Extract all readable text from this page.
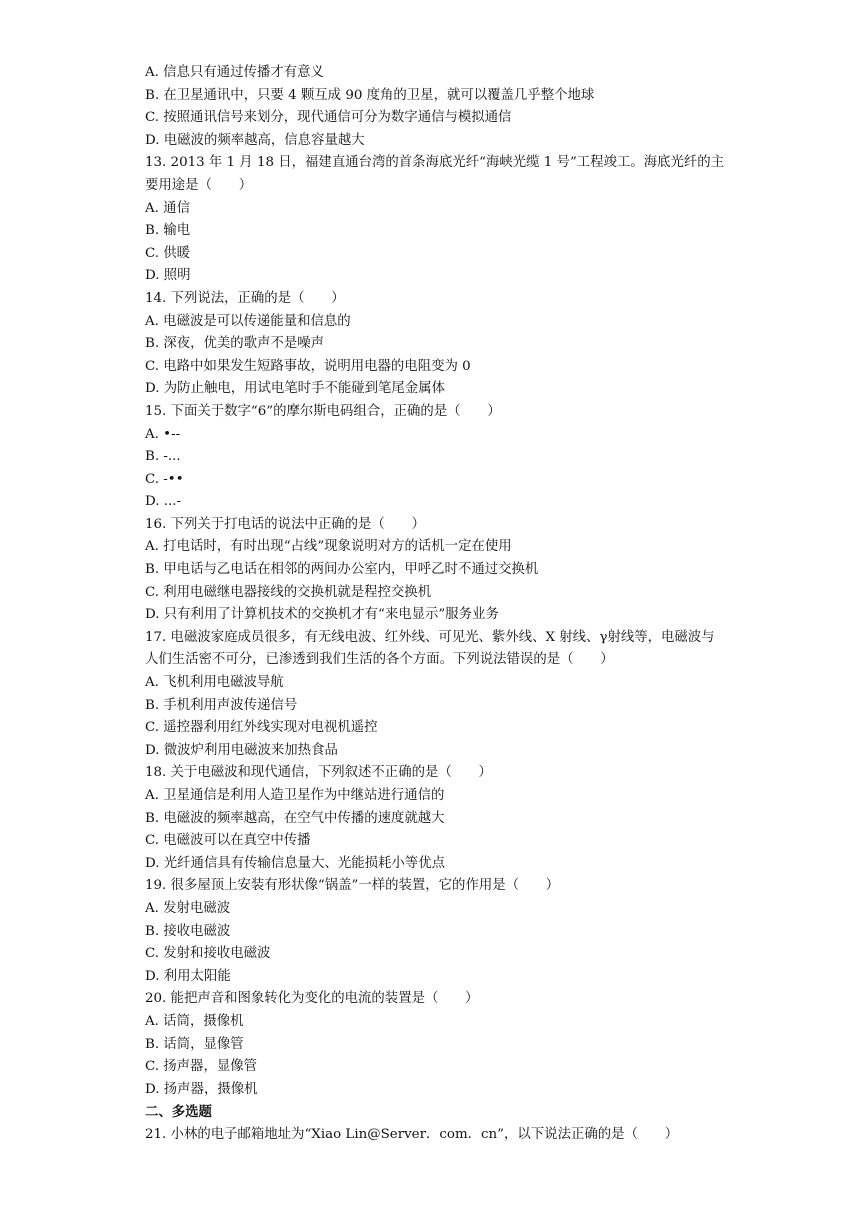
A. 信息只有通过传播才有意义
B. 在卫星通讯中，只要 4 颗互成 90 度角的卫星，就可以覆盖几乎整个地球
C. 按照通讯信号来划分，现代通信可分为数字通信与模拟通信
D. 电磁波的频率越高，信息容量越大
13. 2013 年 1 月 18 日，福建直通台湾的首条海底光纤“海峡光缆 1 号”工程竣工。海底光纤的主要用途是（　　）
A. 通信
B. 输电
C. 供暖
D. 照明
14. 下列说法，正确的是（　　）
A. 电磁波是可以传递能量和信息的
B. 深夜，优美的歌声不是噪声
C. 电路中如果发生短路事故，说明用电器的电阻变为 0
D. 为防止触电，用试电笔时手不能碰到笔尾金属体
15. 下面关于数字“6”的摩尔斯电码组合，正确的是（　　）
A. •--
B. -...
C. -••
D. ...-
16. 下列关于打电话的说法中正确的是（　　）
A. 打电话时，有时出现“占线”现象说明对方的话机一定在使用
B. 甲电话与乙电话在相邻的两间办公室内，甲呼乙时不通过交换机
C. 利用电磁继电器接线的交换机就是程控交换机
D. 只有利用了计算机技术的交换机才有“来电显示”服务业务
17. 电磁波家庭成员很多，有无线电波、红外线、可见光、紫外线、X 射线、γ射线等，电磁波与人们生活密不可分，已渗透到我们生活的各个方面。下列说法错误的是（　　）
A. 飞机利用电磁波导航
B. 手机利用声波传递信号
C. 遥控器利用红外线实现对电视机遥控
D. 微波炉利用电磁波来加热食品
18. 关于电磁波和现代通信，下列叙述不正确的是（　　）
A. 卫星通信是利用人造卫星作为中继站进行通信的
B. 电磁波的频率越高，在空气中传播的速度就越大
C. 电磁波可以在真空中传播
D. 光纤通信具有传输信息量大、光能损耗小等优点
19. 很多屋顶上安装有形状像“锅盖”一样的装置，它的作用是（　　）
A. 发射电磁波
B. 接收电磁波
C. 发射和接收电磁波
D. 利用太阳能
20. 能把声音和图象转化为变化的电流的装置是（　　）
A. 话筒，摄像机
B. 话筒，显像管
C. 扬声器，显像管
D. 扬声器，摄像机
二、多选题
21. 小林的电子邮箱地址为“Xiao Lin@Server．com．cn”，以下说法正确的是（　　）
